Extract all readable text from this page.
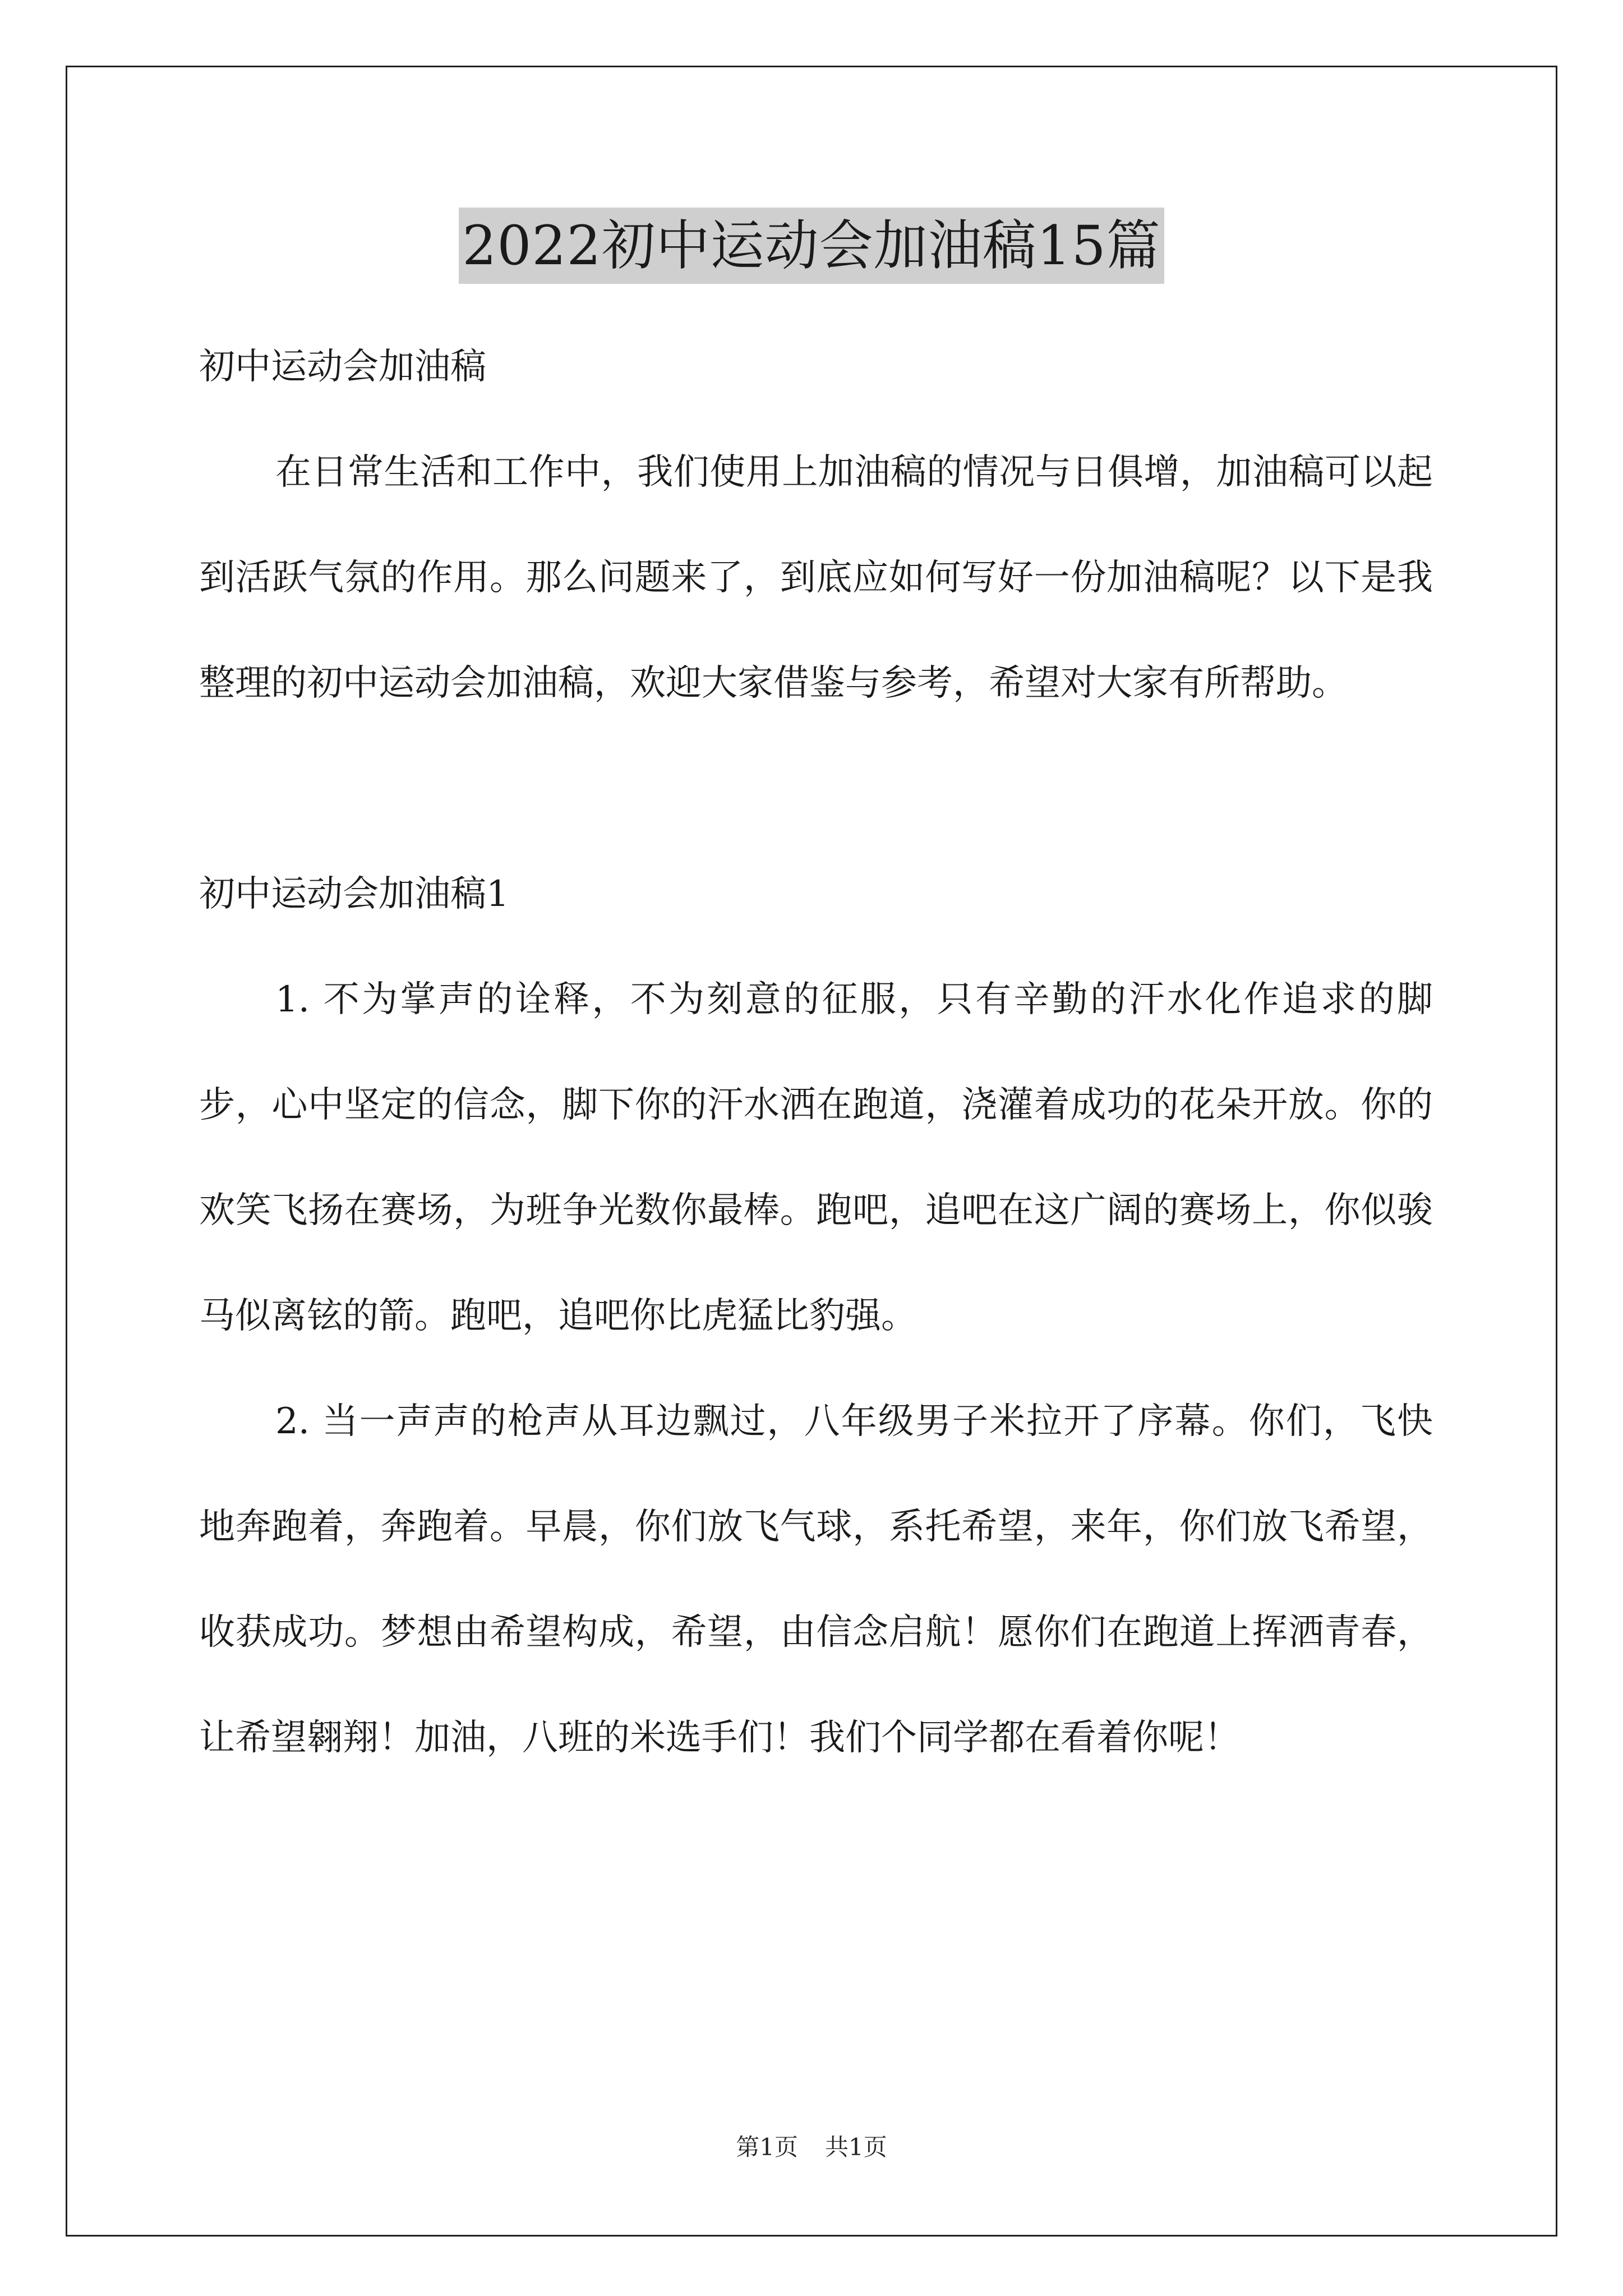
2022初中运动会加油稿15篇

初中运动会加油稿

在日常生活和工作中，我们使用上加油稿的情况与日俱增，加油稿可以起到活跃气氛的作用。那么问题来了，到底应如何写好一份加油稿呢？以下是我整理的初中运动会加油稿，欢迎大家借鉴与参考，希望对大家有所帮助。

初中运动会加油稿1

1. 不为掌声的诠释，不为刻意的征服，只有辛勤的汗水化作追求的脚步，心中坚定的信念，脚下你的汗水洒在跑道，浇灌着成功的花朵开放。你的欢笑飞扬在赛场，为班争光数你最棒。跑吧，追吧在这广阔的赛场上，你似骏马似离铉的箭。跑吧，追吧你比虎猛比豹强。

2. 当一声声的枪声从耳边飘过，八年级男子米拉开了序幕。你们，飞快地奔跑着，奔跑着。早晨，你们放飞气球，系托希望，来年，你们放飞希望，收获成功。梦想由希望构成，希望，由信念启航！愿你们在跑道上挥洒青春，让希望翱翔！加油，八班的米选手们！我们个同学都在看着你呢！

第1页 共1页
